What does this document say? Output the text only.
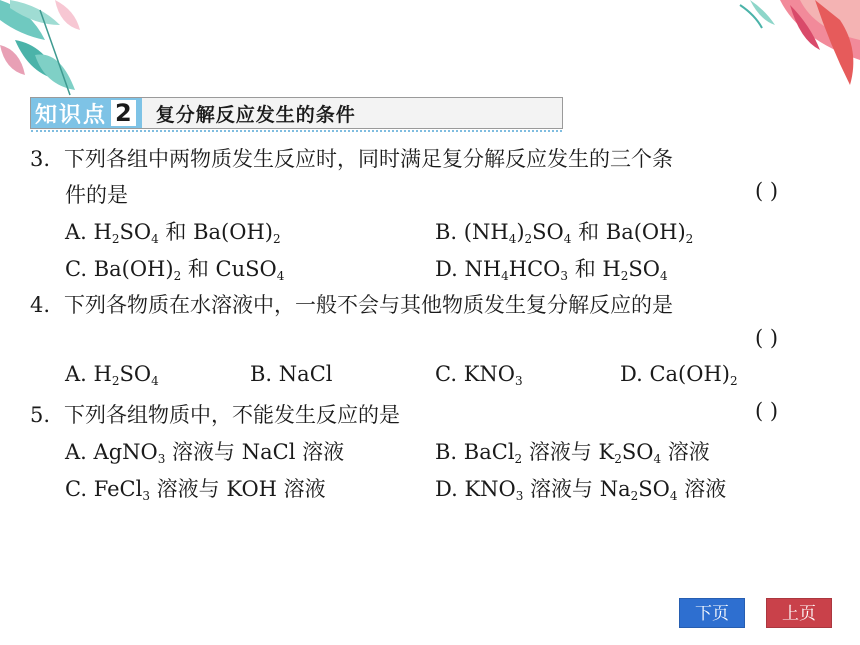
知识点 2 复分解反应发生的条件
3. 下列各组中两物质发生反应时，同时满足复分解反应发生的三个条
件的是	( )
A. $H_2SO_4$ 和 $Ba(OH)_2$	B. $(NH_4)_2SO_4$ 和 $Ba(OH)_2$
C. $Ba(OH)_2$ 和 CuSO$_4$	D. $NH_4HCO_3$ 和 $H_2SO_4$
4. 下列各物质在水溶液中，一般不会与其他物质发生复分解反应的是
( )
A. $H_2SO_4$	B. NaCl	C. $KNO_3$	D. $Ca(OH)_2$
5. 下列各组物质中，不能发生反应的是	( )
A. AgNO$_3$ 溶液与 NaCl 溶液	B. BaCl$_2$ 溶液与 $K_2SO_4$ 溶液
C. FeCl$_3$ 溶液与 KOH 溶液	D. $KNO_3$ 溶液与 $Na_2SO_4$ 溶液
下页	上页
